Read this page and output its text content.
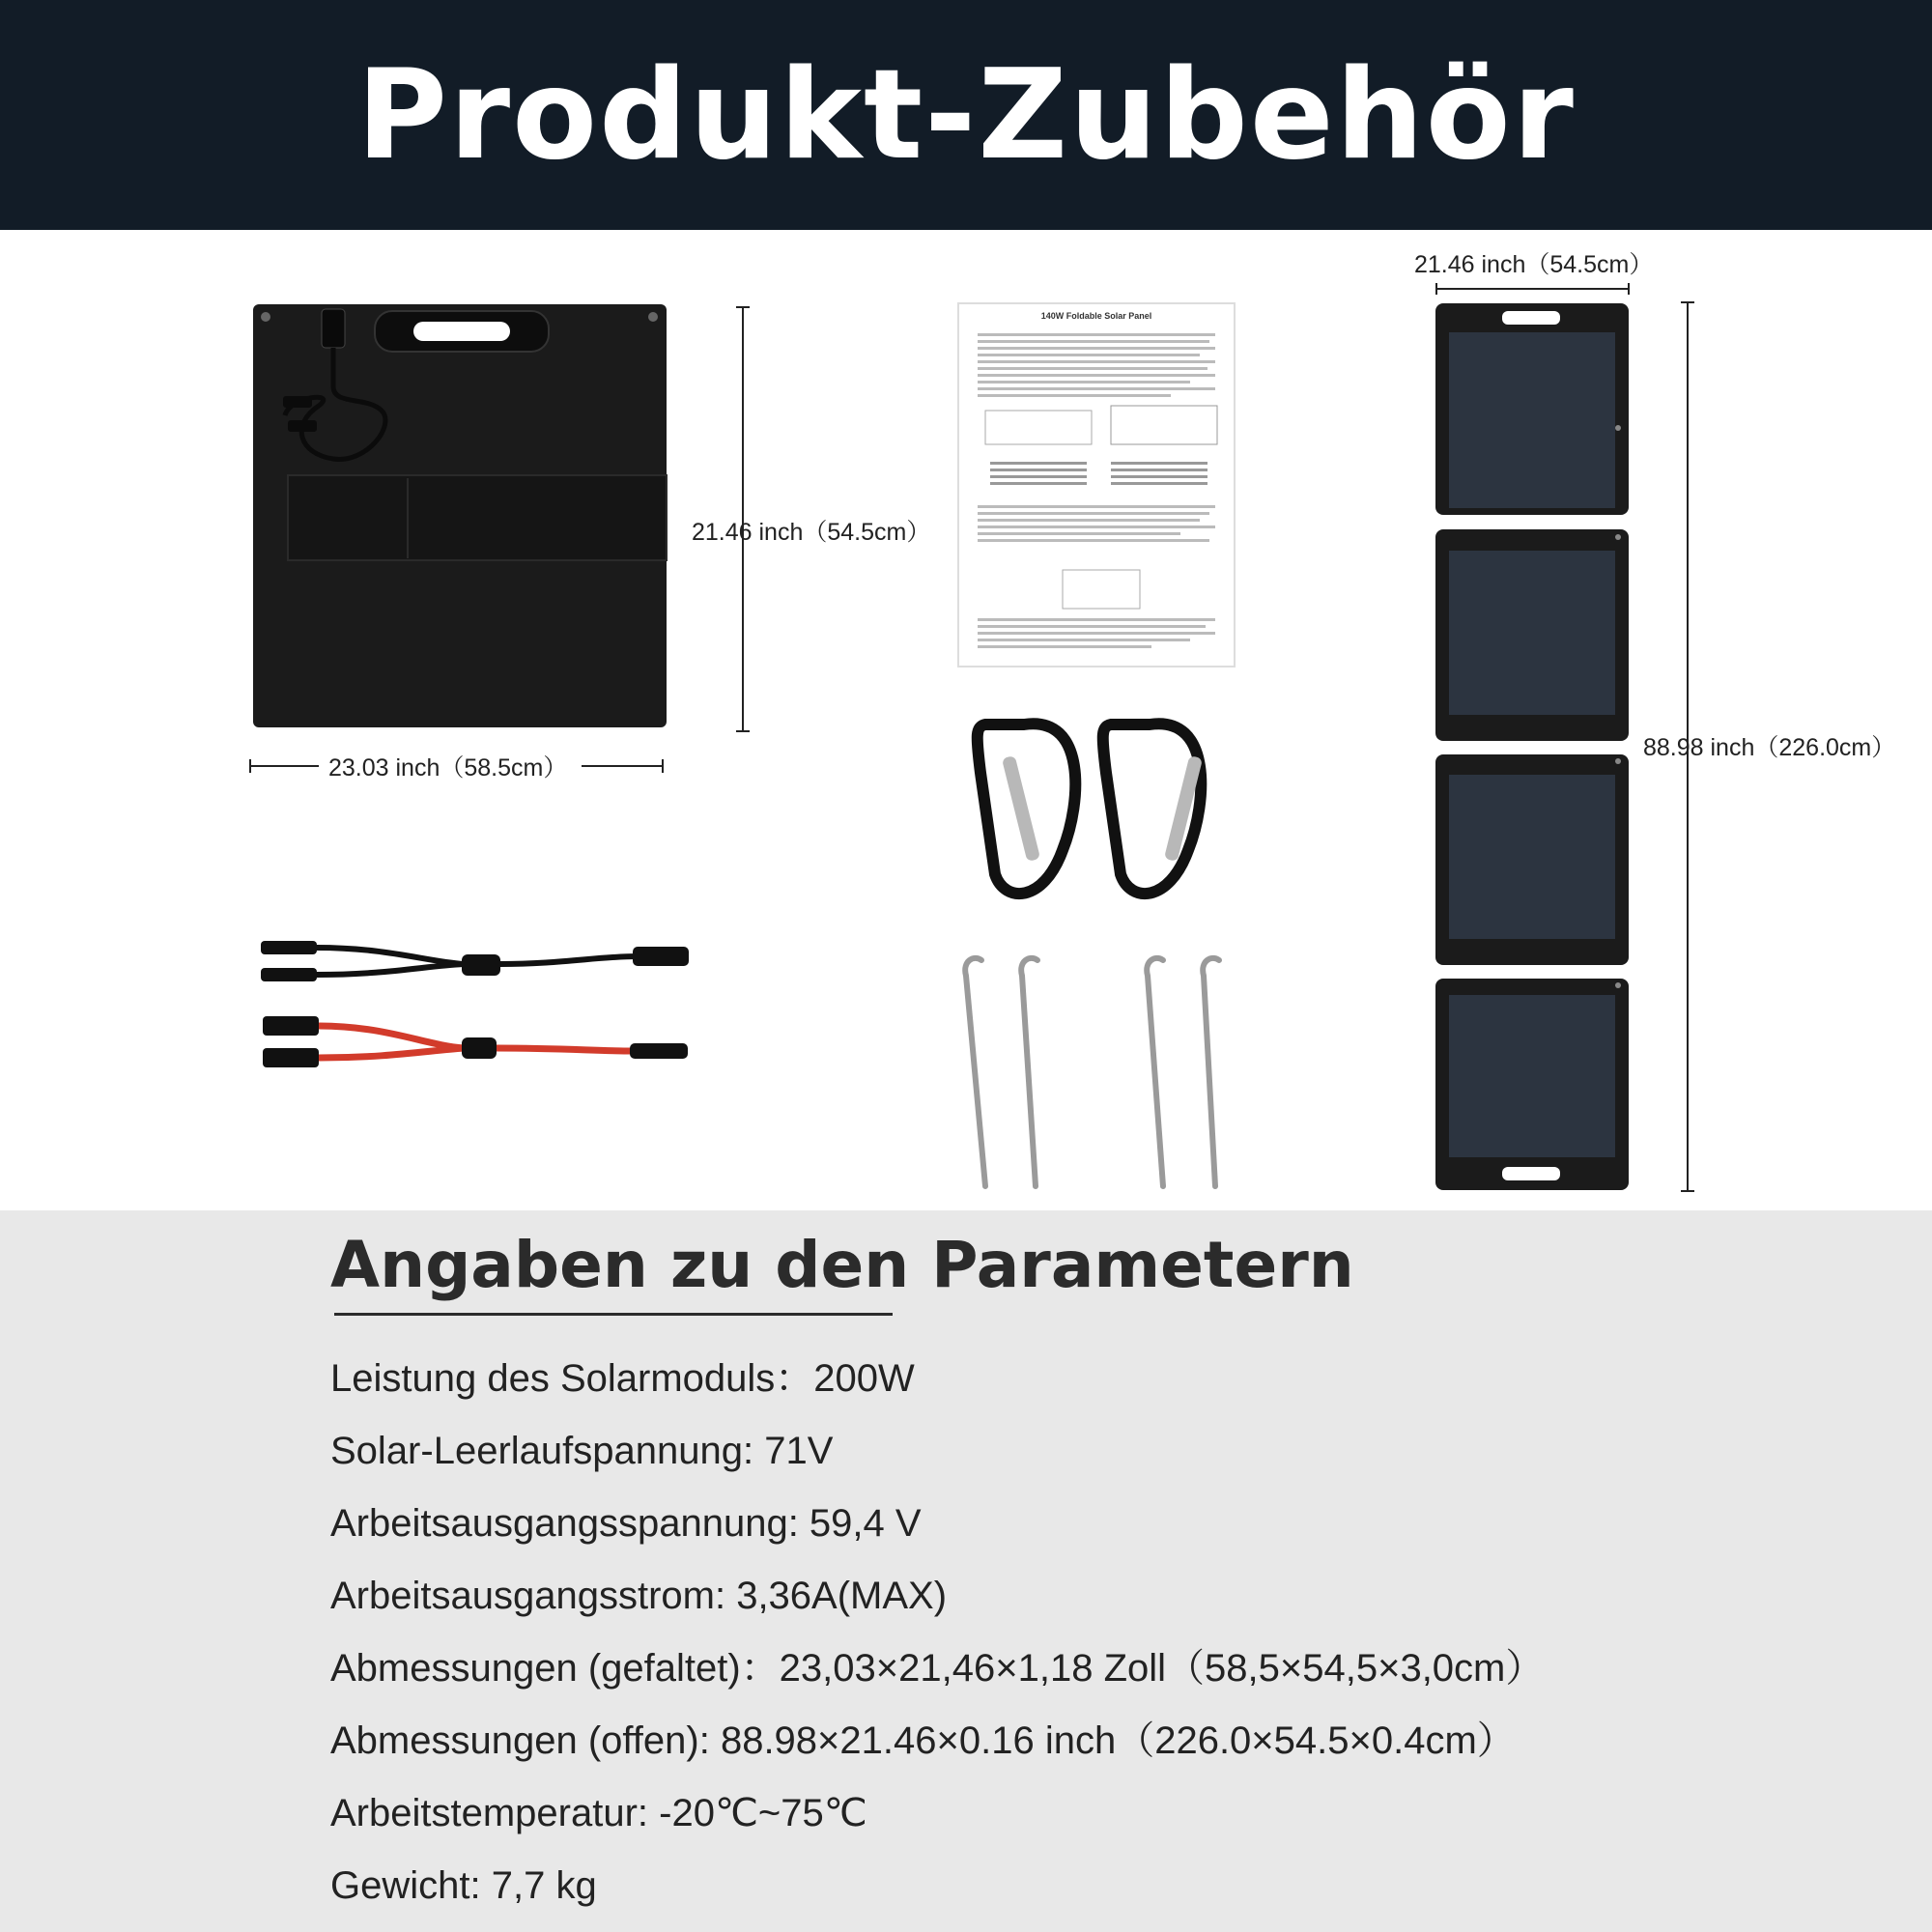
Produkt-Zubehör
140W Foldable Solar Panel
21.46 inch（54.5cm）
23.03 inch（58.5cm）
21.46 inch（54.5cm）
88.98 inch（226.0cm）
Angaben zu den Parametern
Leistung des Solarmoduls：200W
Solar-Leerlaufspannung: 71V
Arbeitsausgangsspannung: 59,4 V
Arbeitsausgangsstrom: 3,36A(MAX)
Abmessungen (gefaltet)：23,03×21,46×1,18 Zoll（58,5×54,5×3,0cm）
Abmessungen (offen): 88.98×21.46×0.16 inch（226.0×54.5×0.4cm）
Arbeitstemperatur: -20℃~75℃
Gewicht: 7,7 kg
